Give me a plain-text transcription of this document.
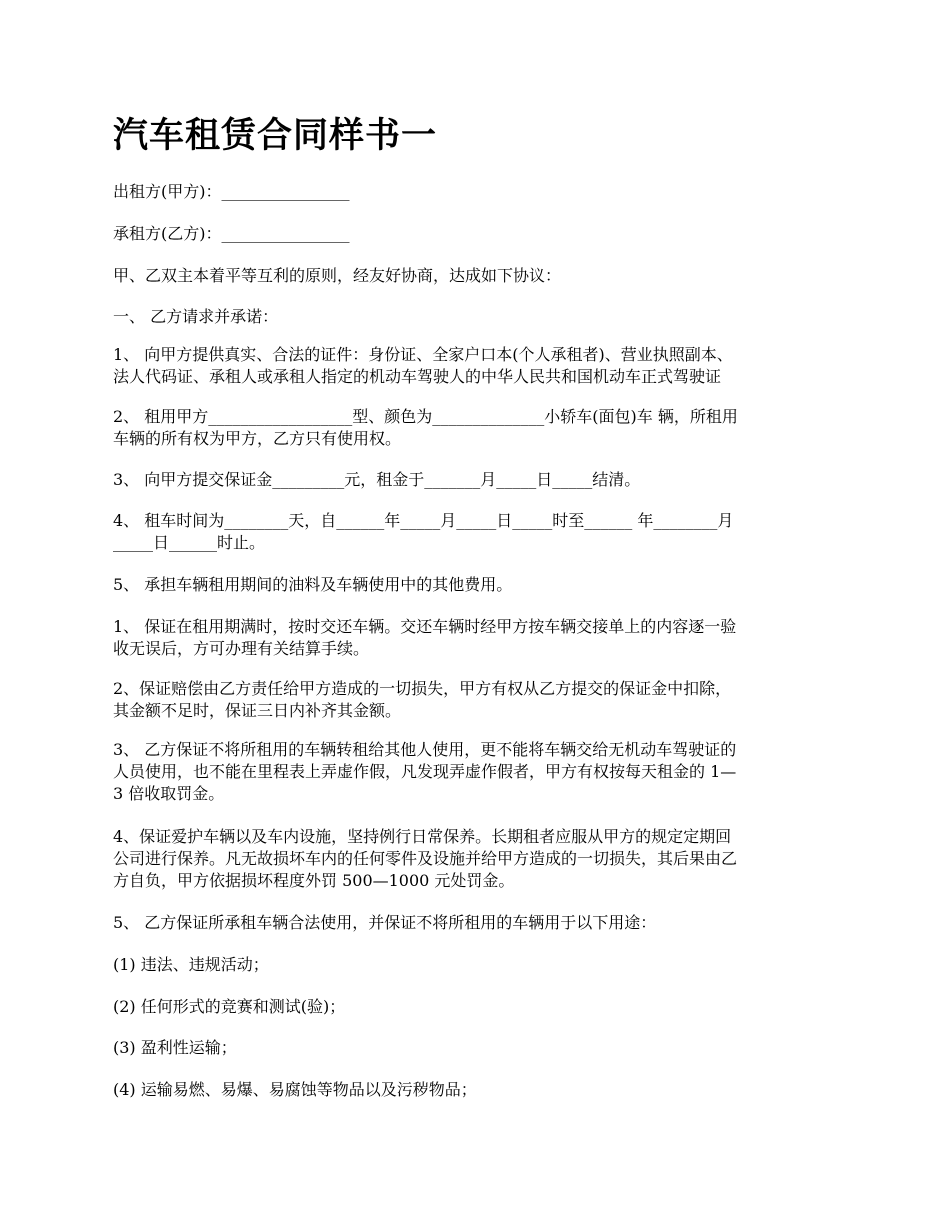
汽车租赁合同样书一

出租方(甲方)：________________

承租方(乙方)：________________

甲、乙双主本着平等互利的原则，经友好协商，达成如下协议：

一、 乙方请求并承诺：

1、 向甲方提供真实、合法的证件：身份证、全家户口本(个人承租者)、营业执照副本、
法人代码证、承租人或承租人指定的机动车驾驶人的中华人民共和国机动车正式驾驶证

2、 租用甲方__________________型、颜色为______________小轿车(面包)车 辆，所租用
车辆的所有权为甲方，乙方只有使用权。

3、 向甲方提交保证金_________元，租金于_______月_____日_____结清。

4、 租车时间为________天，自______年_____月_____日_____时至______ 年________月
_____日______时止。

5、 承担车辆租用期间的油料及车辆使用中的其他费用。

1、 保证在租用期满时，按时交还车辆。交还车辆时经甲方按车辆交接单上的内容逐一验
收无误后，方可办理有关结算手续。

2、保证赔偿由乙方责任给甲方造成的一切损失，甲方有权从乙方提交的保证金中扣除，
其金额不足时，保证三日内补齐其金额。

3、 乙方保证不将所租用的车辆转租给其他人使用，更不能将车辆交给无机动车驾驶证的
人员使用，也不能在里程表上弄虚作假，凡发现弄虚作假者，甲方有权按每天租金的 1—
3 倍收取罚金。

4、保证爱护车辆以及车内设施，坚持例行日常保养。长期租者应服从甲方的规定定期回
公司进行保养。凡无故损坏车内的任何零件及设施并给甲方造成的一切损失，其后果由乙
方自负，甲方依据损坏程度外罚 500—1000 元处罚金。

5、 乙方保证所承租车辆合法使用，并保证不将所租用的车辆用于以下用途：

(1) 违法、违规活动；

(2) 任何形式的竞赛和测试(验)；

(3) 盈利性运输；

(4) 运输易燃、易爆、易腐蚀等物品以及污秽物品；
